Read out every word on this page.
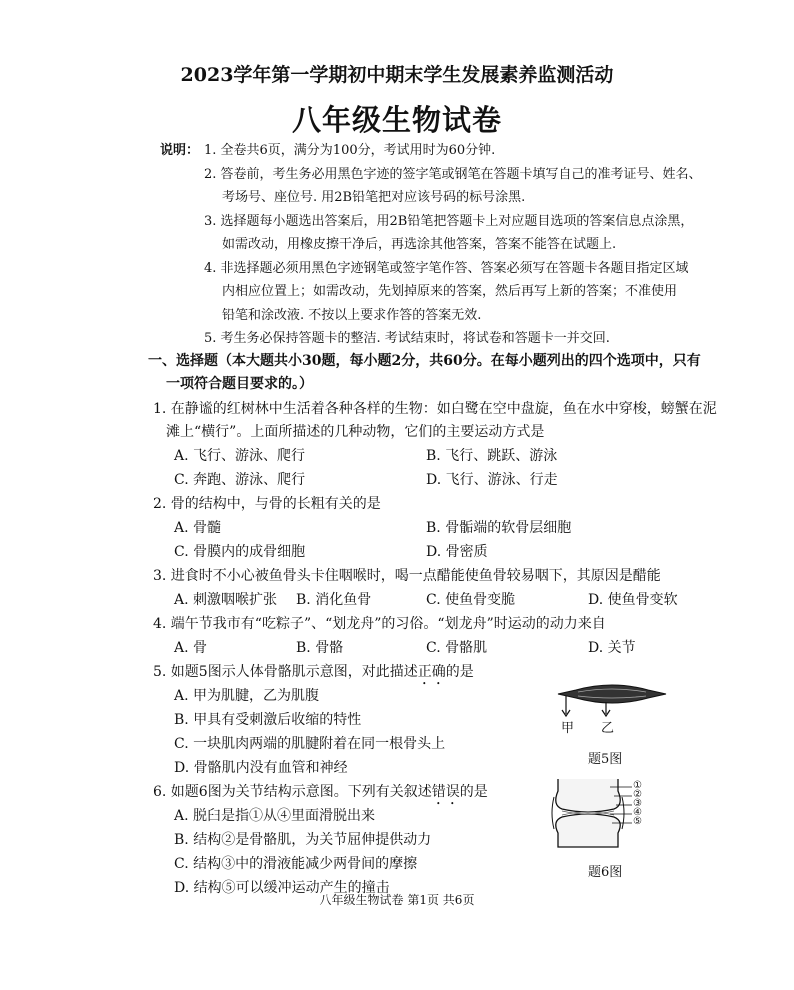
2023学年第一学期初中期末学生发展素养监测活动
八年级生物试卷
说明： 1. 全卷共6页，满分为100分，考试用时为60分钟.
2. 答卷前，考生务必用黑色字迹的签字笔或钢笔在答题卡填写自己的准考证号、姓名、
考场号、座位号. 用2B铅笔把对应该号码的标号涂黑.
3. 选择题每小题选出答案后，用2B铅笔把答题卡上对应题目选项的答案信息点涂黑，
如需改动，用橡皮擦干净后，再选涂其他答案，答案不能答在试题上.
4. 非选择题必须用黑色字迹钢笔或签字笔作答、答案必须写在答题卡各题目指定区域
内相应位置上；如需改动，先划掉原来的答案，然后再写上新的答案；不准使用
铅笔和涂改液. 不按以上要求作答的答案无效.
5. 考生务必保持答题卡的整洁. 考试结束时，将试卷和答题卡一并交回.
一、选择题（本大题共小30题，每小题2分，共60分。在每小题列出的四个选项中，只有
一项符合题目要求的。）
1. 在静谧的红树林中生活着各种各样的生物：如白鹭在空中盘旋，鱼在水中穿梭，螃蟹在泥
滩上“横行”。上面所描述的几种动物，它们的主要运动方式是
A. 飞行、游泳、爬行	B. 飞行、跳跃、游泳
C. 奔跑、游泳、爬行	D. 飞行、游泳、行走
2. 骨的结构中，与骨的长粗有关的是
A. 骨髓	B. 骨骺端的软骨层细胞
C. 骨膜内的成骨细胞	D. 骨密质
3. 进食时不小心被鱼骨头卡住咽喉时，喝一点醋能使鱼骨较易咽下，其原因是醋能
A. 刺激咽喉扩张 B. 消化鱼骨	C. 使鱼骨变脆	D. 使鱼骨变软
4. 端午节我市有“吃粽子”、“划龙舟”的习俗。“划龙舟”时运动的动力来自
A. 骨	B. 骨骼	C. 骨骼肌	D. 关节
5. 如题5图示人体骨骼肌示意图，对此描述正确的是
A. 甲为肌腱，乙为肌腹
B. 甲具有受刺激后收缩的特性
C. 一块肌肉两端的肌腱附着在同一根骨头上
D. 骨骼肌内没有血管和神经
甲 乙
题5图
6. 如题6图为关节结构示意图。下列有关叙述错误的是
A. 脱臼是指①从④里面滑脱出来
B. 结构②是骨骼肌，为关节屈伸提供动力
C. 结构③中的滑液能减少两骨间的摩擦
D. 结构⑤可以缓冲运动产生的撞击
①
②
③
④
⑤
题6图
八年级生物试卷 第1页 共6页
